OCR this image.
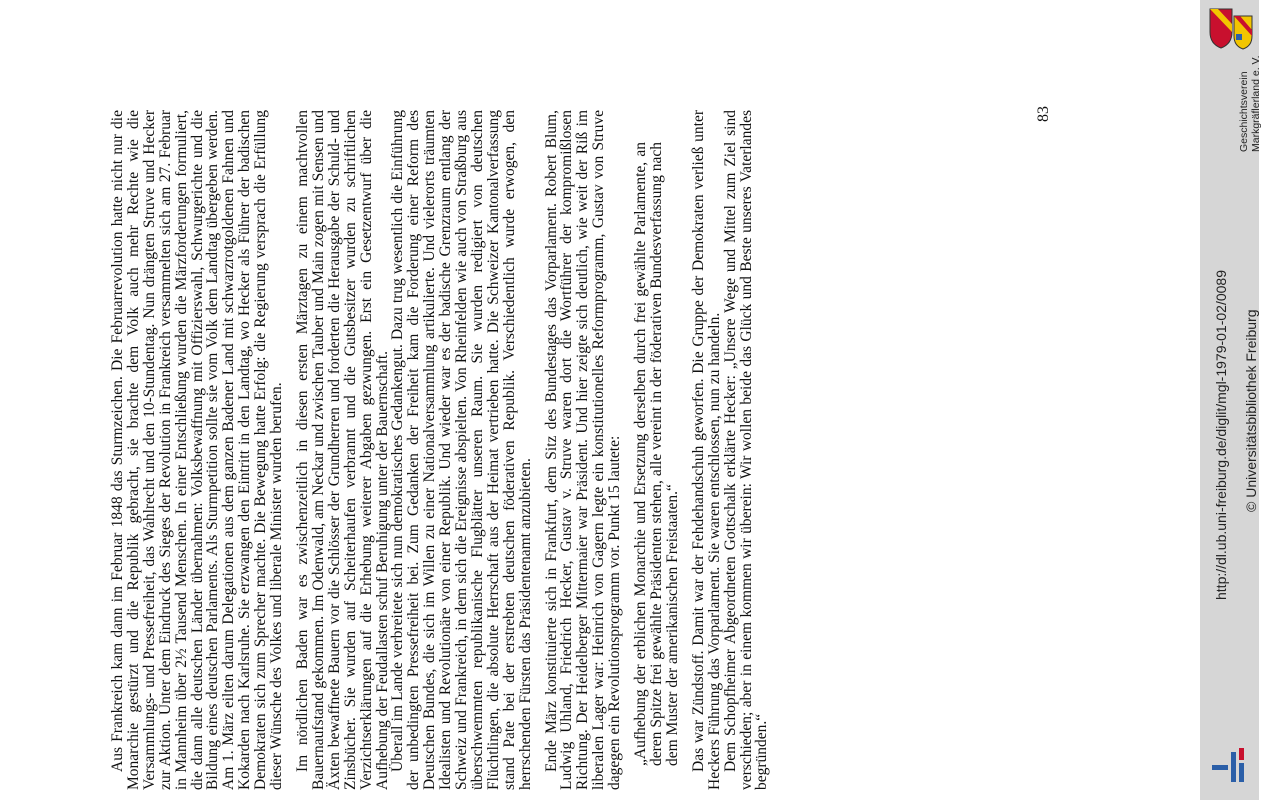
Aus Frankreich kam dann im Februar 1848 das Sturmzeichen. Die Februarrevolution hatte nicht nur die Monarchie gestürzt und die Republik gebracht, sie brachte dem Volk auch mehr Rechte wie die Versammlungs- und Pressefreiheit, das Wahlrecht und den 10-Stundentag. Nun drängten Struve und Hecker zur Aktion. Unter dem Eindruck des Sieges der Revolution in Frankreich versammelten sich am 27. Februar in Mannheim über 2½ Tausend Menschen. In einer Entschließung wurden die Märzforderungen formuliert, die dann alle deutschen Länder übernahmen: Volksbewaffnung mit Offizierswahl, Schwurgerichte und die Bildung eines deutschen Parlaments. Als Sturmpetition sollte sie vom Volk dem Landtag übergeben werden. Am 1. März eilten darum Delegationen aus dem ganzen Badener Land mit schwarzrotgoldenen Fahnen und Kokarden nach Karlsruhe. Sie erzwangen den Eintritt in den Landtag, wo Hecker als Führer der badischen Demokraten sich zum Sprecher machte. Die Bewegung hatte Erfolg: die Regierung versprach die Erfüllung dieser Wünsche des Volkes und liberale Minister wurden berufen. Im nördlichen Baden war es zwischenzeitlich in diesen ersten Märztagen zu einem machtvollen Bauernaufstand gekommen. Im Odenwald, am Neckar und zwischen Tauber und Main zogen mit Sensen und Äxten bewaffnete Bauern vor die Schlösser der Grundherren und forderten die Herausgabe der Schuld- und Zinsbücher. Sie wurden auf Scheiterhaufen verbrannt und die Gutsbesitzer wurden zu schriftlichen Verzichtserklärungen auf die Erhebung weiterer Abgaben gezwungen. Erst ein Gesetzentwurf über die Aufhebung der Feudallasten schuf Beruhigung unter der Bauernschaft.

Überall im Lande verbreitete sich nun demokratisches Gedankengut. Dazu trug wesentlich die Einführung der unbedingten Pressefreiheit bei. Zum Gedanken der Freiheit kam die Forderung einer Reform des Deutschen Bundes, die sich im Willen zu einer Nationalversammlung artikulierte. Und vielerorts träumten Idealisten und Revolutionäre von einer Republik. Und wieder war es der badische Grenzraum entlang der Schweiz und Frankreich, in dem sich die Ereignisse abspielten. Von Rheinfelden wie auch von Straßburg aus überschwemmten republikanische Flugblätter unseren Raum. Sie wurden redigiert von deutschen Flüchtlingen, die absolute Herrschaft aus der Heimat vertrieben hatte. Die Schweizer Kantonalverfassung stand Pate bei der erstrebten deutschen föderativen Republik. Verschiedentlich wurde erwogen, den herrschenden Fürsten das Präsidentenamt anzubieten. Ende März konstituierte sich in Frankfurt, dem Sitz des Bundestages das Vorparlament. Robert Blum, Ludwig Uhland, Friedrich Hecker, Gustav v. Struve waren dort die Wortführer der kompromißlosen Richtung. Der Heidelberger Mittermaier war Präsident. Und hier zeigte sich deutlich, wie weit der Riß im liberalen Lager war: Heinrich von Gagern legte ein konstitutionelles Reformprogramm, Gustav von Struve dagegen ein Revolutionsprogramm vor. Punkt 15 lautete: „Aufhebung der erblichen Monarchie und Ersetzung derselben durch frei gewählte Parlamente, an deren Spitze frei gewählte Präsidenten stehen, alle vereint in der föderativen Bundesverfassung nach dem Muster der amerikanischen Freistaaten.“ Das war Zündstoff. Damit war der Fehdehandschuh geworfen. Die Gruppe der Demokraten verließ unter Heckers Führung das Vorparlament. Sie waren entschlossen, nun zu handeln.

Dem Schopfheimer Abgeordneten Gottschalk erklärte Hecker: „Unsere Wege und Mittel zum Ziel sind verschieden; aber in einem kommen wir überein: Wir wollen beide das Glück und Beste unseres Vaterlandes begründen.“

83	Geschichtsverein Markgräflerland e. V.
http://dl.ub.uni-freiburg.de/diglit/mgl-1979-01-02/0089 © Universitätsbibliothek Freiburg
